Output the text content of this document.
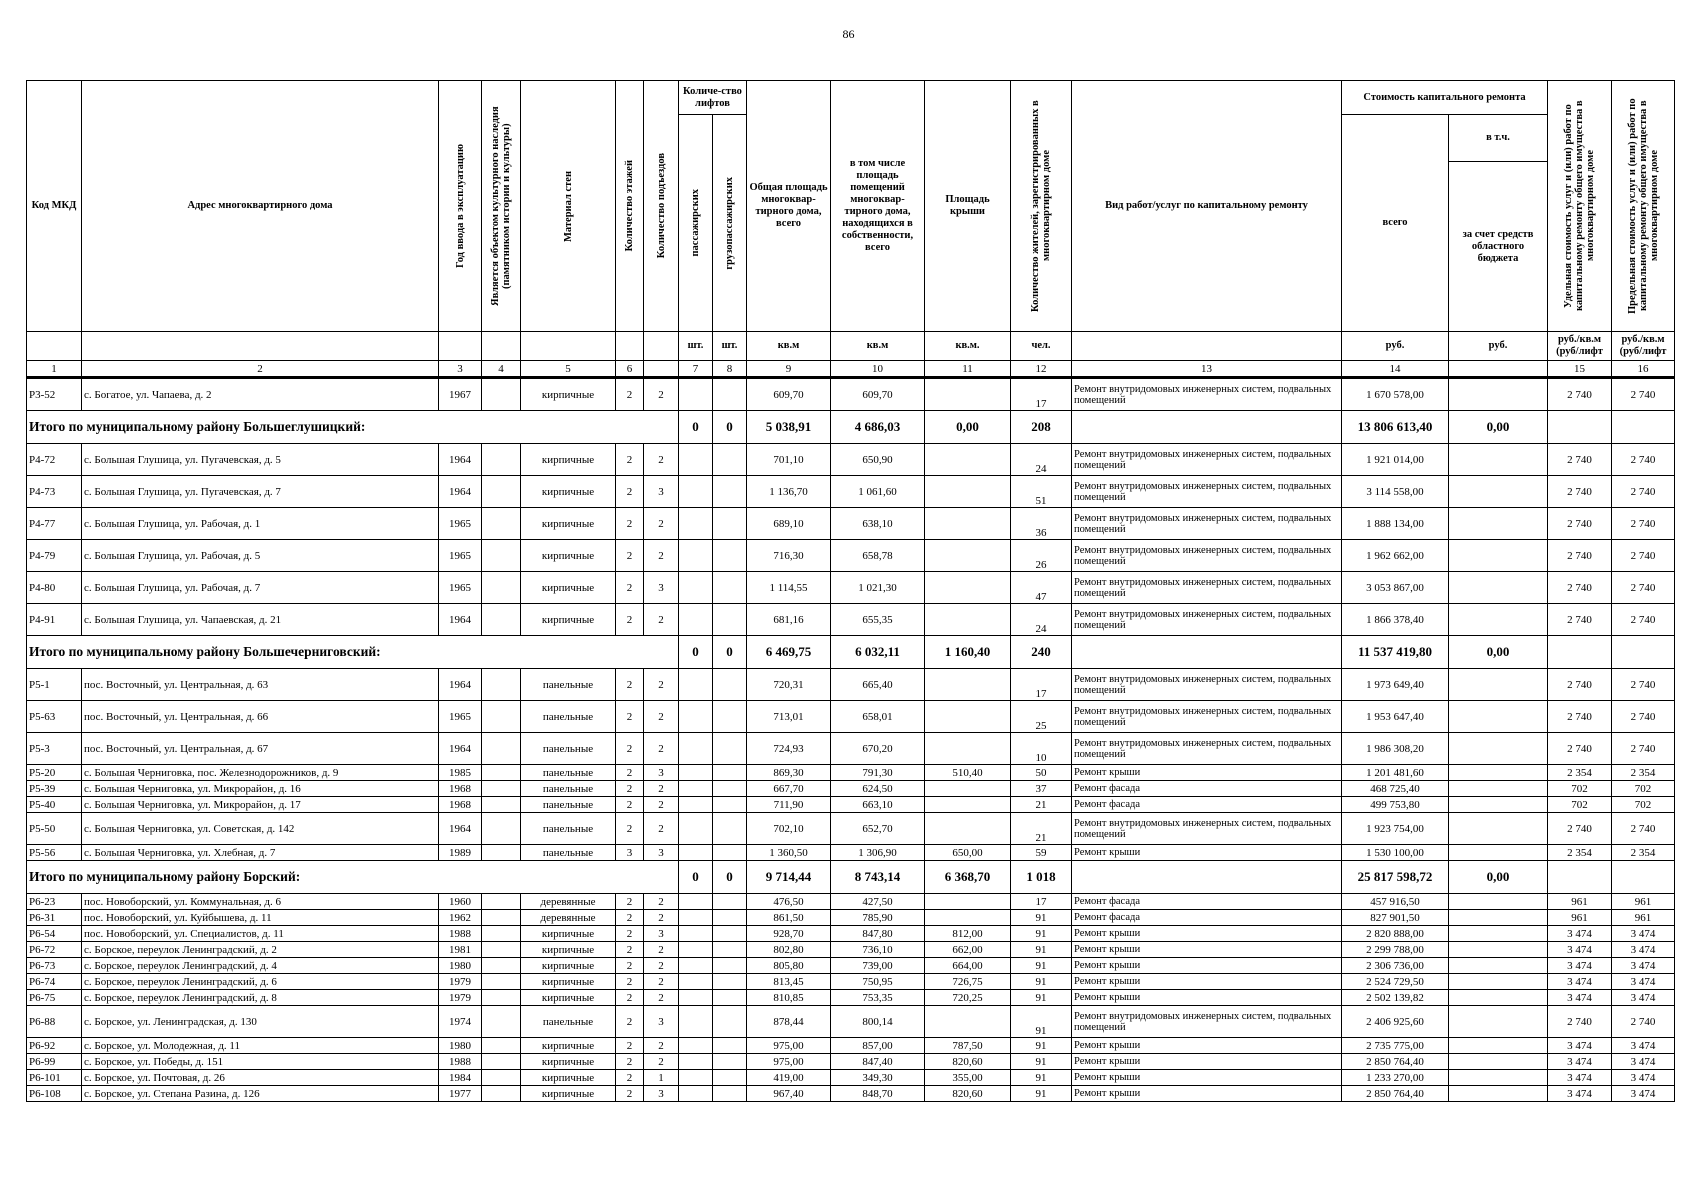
86
Код МКД	Адрес многоквартирного дома	Год ввода в эксплуатацию	Является объектом культурного наследия (памятником истории и культуры)	Материал стен	Количество этажей	Количество подъездов	Количе-ство лифтов		Общая площадь многоквар-тирного дома, всего	в том числе площадь помещений многоквар-тирного дома, находящихся в собственности, всего	Площадь крыши	Количество жителей, зарегистрированных в многоквартирном доме	Вид работ/услуг по капитальному ремонту	Стоимость капитального ремонта		Удельная стоимость услуг и (или) работ по капитальному ремонту общего имущества в многоквартирном доме	Предельная стоимость услуг и (или) работ по капитальному ремонту общего имущества в многоквартирном доме

							пассажирских	грузопассажирских						всего	в т.ч.		
															за счет средств областного бюджета		
							шт.	шт.	кв.м	кв.м	кв.м.	чел.		руб.	руб.	руб./кв.м (руб/лифт	руб./кв.м (руб/лифт
1	2	3	4	5	6		7	8	9	10	11	12	13	14		15	16
Р3-52	с. Богатое, ул. Чапаева, д. 2	1967		кирпичные	2	2			609,70	609,70		17	Ремонт внутридомовых инженерных систем, подвальных помещений	1 670 578,00		2 740	2 740
Итого по муниципальному району Большеглушицкий:							0	0	5 038,91	4 686,03	0,00	208		13 806 613,40	0,00		
Р4-72	с. Большая Глушица, ул. Пугачевская, д. 5	1964		кирпичные	2	2			701,10	650,90		24	Ремонт внутридомовых инженерных систем, подвальных помещений	1 921 014,00		2 740	2 740
Р4-73	с. Большая Глушица, ул. Пугачевская, д. 7	1964		кирпичные	2	3			1 136,70	1 061,60		51	Ремонт внутридомовых инженерных систем, подвальных помещений	3 114 558,00		2 740	2 740
Р4-77	с. Большая Глушица, ул. Рабочая, д. 1	1965		кирпичные	2	2			689,10	638,10		36	Ремонт внутридомовых инженерных систем, подвальных помещений	1 888 134,00		2 740	2 740
Р4-79	с. Большая Глушица, ул. Рабочая, д. 5	1965		кирпичные	2	2			716,30	658,78		26	Ремонт внутридомовых инженерных систем, подвальных помещений	1 962 662,00		2 740	2 740
Р4-80	с. Большая Глушица, ул. Рабочая, д. 7	1965		кирпичные	2	3			1 114,55	1 021,30		47	Ремонт внутридомовых инженерных систем, подвальных помещений	3 053 867,00		2 740	2 740
Р4-91	с. Большая Глушица, ул. Чапаевская, д. 21	1964		кирпичные	2	2			681,16	655,35		24	Ремонт внутридомовых инженерных систем, подвальных помещений	1 866 378,40		2 740	2 740
Итого по муниципальному району Большечерниговский:							0	0	6 469,75	6 032,11	1 160,40	240		11 537 419,80	0,00		
Р5-1	пос. Восточный, ул. Центральная, д. 63	1964		панельные	2	2			720,31	665,40		17	Ремонт внутридомовых инженерных систем, подвальных помещений	1 973 649,40		2 740	2 740
Р5-63	пос. Восточный, ул. Центральная, д. 66	1965		панельные	2	2			713,01	658,01		25	Ремонт внутридомовых инженерных систем, подвальных помещений	1 953 647,40		2 740	2 740
Р5-3	пос. Восточный, ул. Центральная, д. 67	1964		панельные	2	2			724,93	670,20		10	Ремонт внутридомовых инженерных систем, подвальных помещений	1 986 308,20		2 740	2 740
Р5-20	с. Большая Черниговка, пос. Железнодорожников, д. 9	1985		панельные	2	3			869,30	791,30	510,40	50	Ремонт крыши	1 201 481,60		2 354	2 354
Р5-39	с. Большая Черниговка, ул. Микрорайон, д. 16	1968		панельные	2	2			667,70	624,50		37	Ремонт фасада	468 725,40		702	702
Р5-40	с. Большая Черниговка, ул. Микрорайон, д. 17	1968		панельные	2	2			711,90	663,10		21	Ремонт фасада	499 753,80		702	702
Р5-50	с. Большая Черниговка, ул. Советская, д. 142	1964		панельные	2	2			702,10	652,70		21	Ремонт внутридомовых инженерных систем, подвальных помещений	1 923 754,00		2 740	2 740
Р5-56	с. Большая Черниговка, ул. Хлебная, д. 7	1989		панельные	3	3			1 360,50	1 306,90	650,00	59	Ремонт крыши	1 530 100,00		2 354	2 354
Итого по муниципальному району Борский:							0	0	9 714,44	8 743,14	6 368,70	1 018		25 817 598,72	0,00		
Р6-23	пос. Новоборский, ул. Коммунальная, д. 6	1960		деревянные	2	2			476,50	427,50		17	Ремонт фасада	457 916,50		961	961
Р6-31	пос. Новоборский, ул. Куйбышева, д. 11	1962		деревянные	2	2			861,50	785,90		91	Ремонт фасада	827 901,50		961	961
Р6-54	пос. Новоборский, ул. Специалистов, д. 11	1988		кирпичные	2	3			928,70	847,80	812,00	91	Ремонт крыши	2 820 888,00		3 474	3 474
Р6-72	с. Борское, переулок Ленинградский, д. 2	1981		кирпичные	2	2			802,80	736,10	662,00	91	Ремонт крыши	2 299 788,00		3 474	3 474
Р6-73	с. Борское, переулок Ленинградский, д. 4	1980		кирпичные	2	2			805,80	739,00	664,00	91	Ремонт крыши	2 306 736,00		3 474	3 474
Р6-74	с. Борское, переулок Ленинградский, д. 6	1979		кирпичные	2	2			813,45	750,95	726,75	91	Ремонт крыши	2 524 729,50		3 474	3 474
Р6-75	с. Борское, переулок Ленинградский, д. 8	1979		кирпичные	2	2			810,85	753,35	720,25	91	Ремонт крыши	2 502 139,82		3 474	3 474
Р6-88	с. Борское, ул. Ленинградская, д. 130	1974		панельные	2	3			878,44	800,14		91	Ремонт внутридомовых инженерных систем, подвальных помещений	2 406 925,60		2 740	2 740
Р6-92	с. Борское, ул. Молодежная, д. 11	1980		кирпичные	2	2			975,00	857,00	787,50	91	Ремонт крыши	2 735 775,00		3 474	3 474
Р6-99	с. Борское, ул. Победы, д. 151	1988		кирпичные	2	2			975,00	847,40	820,60	91	Ремонт крыши	2 850 764,40		3 474	3 474
Р6-101	с. Борское, ул. Почтовая, д. 26	1984		кирпичные	2	1			419,00	349,30	355,00	91	Ремонт крыши	1 233 270,00		3 474	3 474
Р6-108	с. Борское, ул. Степана Разина, д. 126	1977		кирпичные	2	3			967,40	848,70	820,60	91	Ремонт крыши	2 850 764,40		3 474	3 474
